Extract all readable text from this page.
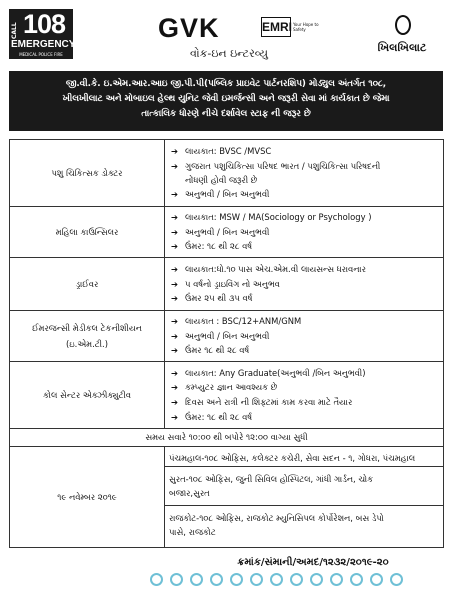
CALL 108
EMERGENCY
MEDICAL POLICE FIRE
GVK	EMRI Your Hope to Safety
વોક-ઇન ઇન્ટરવ્યુ	ખિલખિલાટ
જી.વી.કે. ઇ.એમ.આર.આઇ જી.પી.પી(પબ્લિક પ્રાઇવેટ પાર્ટનરશિપ) મોડ્યુલ અંતર્ગત ૧૦૮,
ખીલખીલાટ અને મોબાઇલ હેલ્થ યુનિટ જેવી ઇમર્જન્સી અને જરૂરી સેવા માં કાર્યકાત છે જેમા
તાત્કાલિક ધોરણે નીચે દર્શાવેલ સ્ટાફ ની જરૂર છે
પશુ ચિકિત્સક ડોક્ટર	
➔ લાયકાત: BVSC /MVSC
➔ ગુજરાત પશુચિકિત્સા પરિષદ ભારત / પશુચિકિત્સા પરિષદની
નોંધણી હોવી જરૂરી છે
➔ અનુભવી / બિન અનુભવી

મહિલા કાઉન્સિલર	
➔ લાયકાત: MSW / MA(Sociology or Psychology )
➔ અનુભવી / બિન અનુભવી
➔ ઉંમર: ૧૮ થી ૨૮ વર્ષ

ડ્રાઈવર	
➔ લાયકાત:ધો.૧૦ પાસ એચ.એમ.વી લાયસન્સ ધરાવનાર
➔ પ વર્ષનો ડ્રાઇવિંગ નો અનુભવ
➔ ઉંમર ૨૫ થી ૩૫ વર્ષ

ઈમરજન્સી મેડીકલ ટેકનીશીયન
(ઇ.એમ.ટી.)

➔ લાયકાત : BSC/12+ANM/GNM
➔ અનુભવી / બિન અનુભવી
➔ ઉંમર ૧૮ થી ૨૮ વર્ષ

કોલ સેન્ટર એક્ઝીક્યુટીવ	
➔ લાયકાત: Any Graduate(અનુભવી /બિન અનુભવી)
➔ કમ્પ્યુટર જ્ઞાન આવશ્યક છે
➔ દિવસ અને રાત્રી ની શિફ્ટમાં કામ કરવા માટે તૈયાર
➔ ઉંમર: ૧૮ થી ૨૮ વર્ષ

સમય સવારે ૧૦:૦૦ થી બપોરે ૧૨:૦૦ વાગ્યા સુધી
૧૯ નવેમ્બર ૨૦૧૯	
પંચમહાલ-૧૦૮ ઓફિસ, કલેક્ટર કચેરી, સેવા સદન - ૧, ગોધરા, પંચમહાલ

સુરત-૧૦૮ ઓફિસ, જુની સિવિલ હોસ્પિટલ, ગાંધી ગાર્ડન, ચોક
બજાર,સુરત

રાજકોટ-૧૦૮ ઓફિસ, રાજકોટ મ્યુનિસિપલ કોર્પોરેશન, બસ ડેપો
પાસે, રાજકોટ
ક્રમાંક/સંમાની/અમદ/૧૨૩૨/૨૦૧૯-૨૦
